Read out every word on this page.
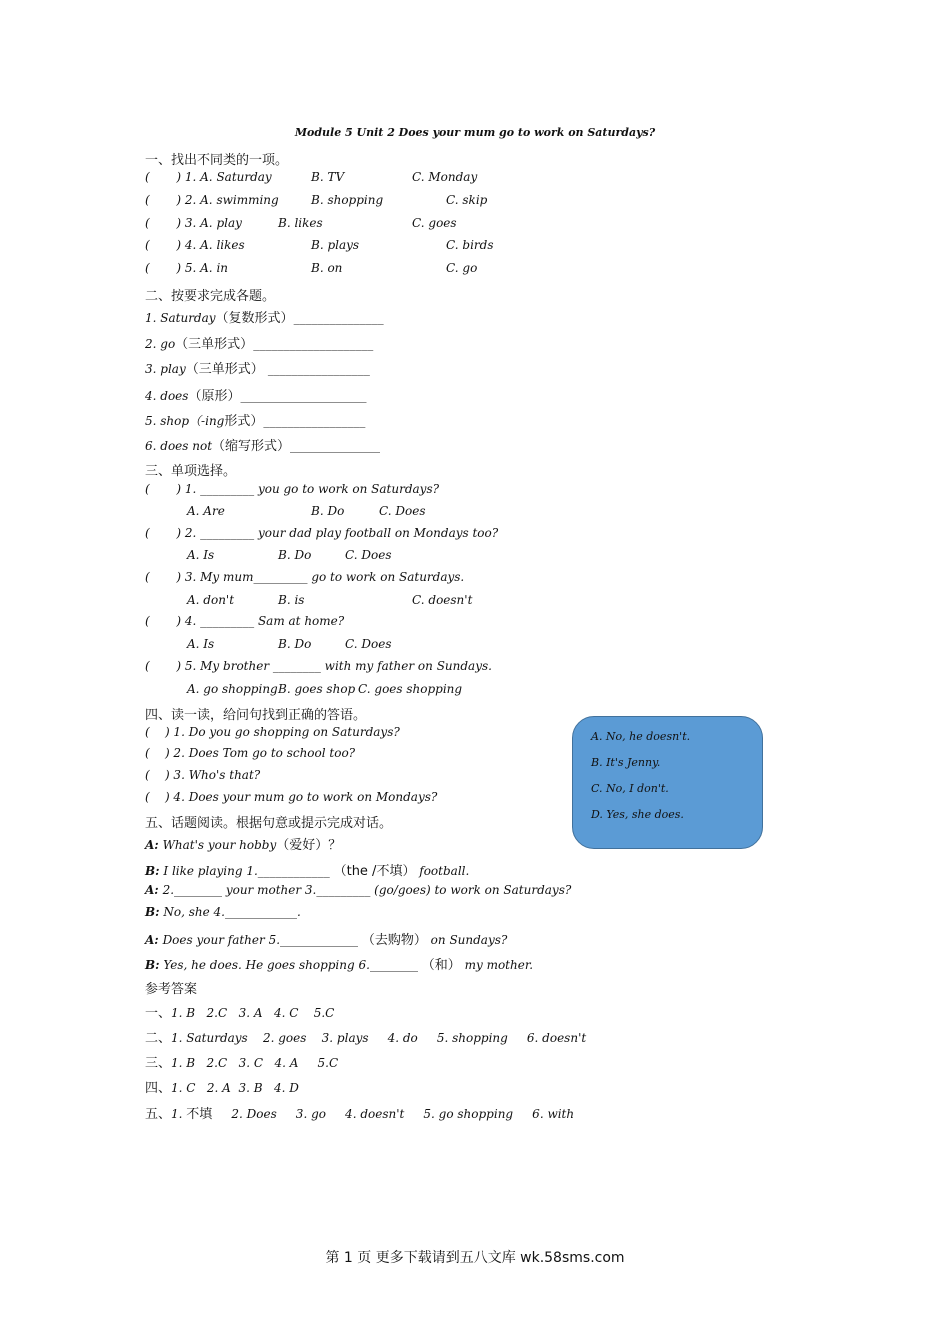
Module 5 Unit 2 Does your mum go to work on Saturdays?
一、找出不同类的一项。
(       ) 1. A. Saturday	B. TV	C. Monday
(       ) 2. A. swimming	B. shopping	C. skip
(       ) 3. A. play	B. likes	C. goes
(       ) 4. A. likes	B. plays	C. birds
(       ) 5. A. in	B. on	C. go
二、按要求完成各题。
1. Saturday（复数形式）_______________
2. go（三单形式）____________________
3. play（三单形式） _________________
4. does（原形）_____________________
5. shop（-ing形式）_________________
6. does not（缩写形式）_______________
三、单项选择。
(       ) 1. _________ you go to work on Saturdays?
A. Are	B. Do	C. Does
(       ) 2. _________ your dad play football on Mondays too?
A. Is	B. Do	C. Does
(       ) 3. My mum_________ go to work on Saturdays.
A. don't	B. is	C. doesn't
(       ) 4. _________ Sam at home?
A. Is	B. Do	C. Does
(       ) 5. My brother ________ with my father on Sundays.
A. go shopping B. goes shop C. goes shopping
四、读一读，给问句找到正确的答语。
(    ) 1. Do you go shopping on Saturdays?
(    ) 2. Does Tom go to school too?
(    ) 3. Who's that?
(    ) 4. Does your mum go to work on Mondays?
A. No, he doesn't.
B. It's Jenny.
C. No, I don't.
D. Yes, she does.
五、话题阅读。根据句意或提示完成对话。
A: What's your hobby（爱好）？
B: I like playing 1.____________ （the /不填） football.
A: 2.________ your mother 3._________ (go/goes) to work on Saturdays?
B: No, she 4.____________.
A: Does your father 5._____________ （去购物） on Sundays?
B: Yes, he does. He goes shopping 6.________ （和） my mother.
参考答案
一、1. B   2.C   3. A   4. C    5.C
二、1. Saturdays    2. goes    3. plays     4. do     5. shopping     6. doesn't
三、1. B   2.C   3. C   4. A     5.C
四、1. C   2. A  3. B   4. D
五、1. 不填     2. Does     3. go     4. doesn't     5. go shopping     6. with
第 1 页 更多下载请到五八文库 wk.58sms.com
